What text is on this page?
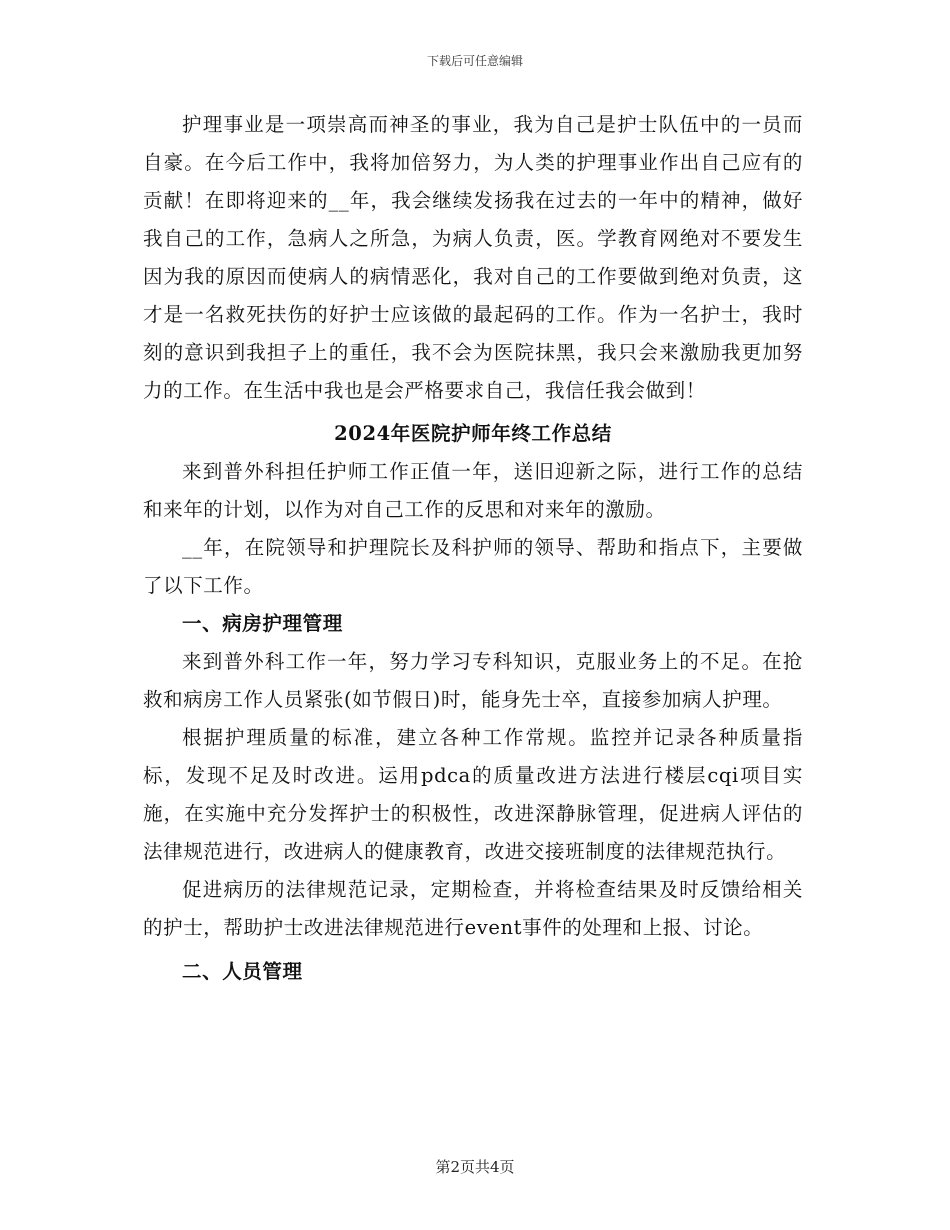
下载后可任意编辑

护理事业是一项崇高而神圣的事业，我为自己是护士队伍中的一员而自豪。在今后工作中，我将加倍努力，为人类的护理事业作出自己应有的贡献！在即将迎来的__年，我会继续发扬我在过去的一年中的精神，做好我自己的工作，急病人之所急，为病人负责，医。学教育网绝对不要发生因为我的原因而使病人的病情恶化，我对自己的工作要做到绝对负责，这才是一名救死扶伤的好护士应该做的最起码的工作。作为一名护士，我时刻的意识到我担子上的重任，我不会为医院抹黑，我只会来激励我更加努力的工作。在生活中我也是会严格要求自己，我信任我会做到！

2024年医院护师年终工作总结

来到普外科担任护师工作正值一年，送旧迎新之际，进行工作的总结和来年的计划，以作为对自己工作的反思和对来年的激励。

__年，在院领导和护理院长及科护师的领导、帮助和指点下，主要做了以下工作。

一、病房护理管理

来到普外科工作一年，努力学习专科知识，克服业务上的不足。在抢救和病房工作人员紧张(如节假日)时，能身先士卒，直接参加病人护理。

根据护理质量的标准，建立各种工作常规。监控并记录各种质量指标，发现不足及时改进。运用pdca的质量改进方法进行楼层cqi项目实施，在实施中充分发挥护士的积极性，改进深静脉管理，促进病人评估的法律规范进行，改进病人的健康教育，改进交接班制度的法律规范执行。

促进病历的法律规范记录，定期检查，并将检查结果及时反馈给相关的护士，帮助护士改进法律规范进行event事件的处理和上报、讨论。

二、人员管理

第2页共4页
